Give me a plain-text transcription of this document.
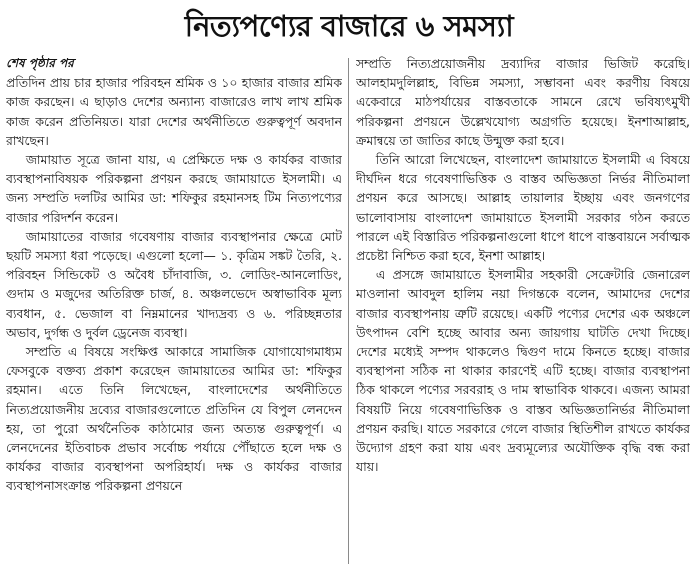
নিত্যপণ্যের বাজারে ৬ সমস্যা
শেষ পৃষ্ঠার পর

প্রতিদিন প্রায় চার হাজার পরিবহন শ্রমিক ও ১০ হাজার বাজার শ্রমিক কাজ করছেন। এ ছাড়াও দেশের অন্যান্য বাজারেও লাখ লাখ শ্রমিক কাজ করেন প্রতিনিয়ত। যারা দেশের অর্থনীতিতে গুরুত্বপূর্ণ অবদান রাখছেন।

জামায়াত সূত্রে জানা যায়, এ প্রেক্ষিতে দক্ষ ও কার্যকর বাজার ব্যবস্থাপনাবিষয়ক পরিকল্পনা প্রণয়ন করছে জামায়াতে ইসলামী। এ জন্য সম্প্রতি দলটির আমির ডা: শফিকুর রহমানসহ টিম নিত্যপণ্যের বাজার পরিদর্শন করেন।

জামায়াতের বাজার গবেষণায় বাজার ব্যবস্থাপনার ক্ষেত্রে মোট ছয়টি সমস্যা ধরা পড়েছে। এগুলো হলো— ১. কৃত্রিম সঙ্কট তৈরি, ২. পরিবহন সিন্ডিকেট ও অবৈধ চাঁদাবাজি, ৩. লোডিং-আনলোডিং, গুদাম ও মজুদের অতিরিক্ত চার্জ, ৪. অঞ্চলভেদে অস্বাভাবিক মূল্য ব্যবধান, ৫. ভেজাল বা নিম্নমানের খাদ্যদ্রব্য ও ৬. পরিচ্ছন্নতার অভাব, দুর্গন্ধ ও দুর্বল ড্রেনেজ ব্যবস্থা।

সম্প্রতি এ বিষয়ে সংক্ষিপ্ত আকারে সামাজিক যোগাযোগমাধ্যম ফেসবুকে বক্তব্য প্রকাশ করেছেন জামায়াতের আমির ডা: শফিকুর রহমান। এতে তিনি লিখেছেন, বাংলাদেশের অর্থনীতিতে নিত্যপ্রয়োজনীয় দ্রব্যের বাজারগুলোতে প্রতিদিন যে বিপুল লেনদেন হয়, তা পুরো অর্থনৈতিক কাঠামোর জন্য অত্যন্ত গুরুত্বপূর্ণ। এ লেনদেনের ইতিবাচক প্রভাব সর্বোচ্চ পর্যায়ে পৌঁছাতে হলে দক্ষ ও কার্যকর বাজার ব্যবস্থাপনা অপরিহার্য। দক্ষ ও কার্যকর বাজার ব্যবস্থাপনাসংক্রান্ত পরিকল্পনা প্রণয়নে

সম্প্রতি নিত্যপ্রয়োজনীয় দ্রব্যাদির বাজার ভিজিট করেছি। আলহামদুলিল্লাহ, বিভিন্ন সমস্যা, সম্ভাবনা এবং করণীয় বিষয়ে একেবারে মাঠপর্যায়ের বাস্তবতাকে সামনে রেখে ভবিষ্যৎমুখী পরিকল্পনা প্রণয়নে উল্লেখযোগ্য অগ্রগতি হয়েছে। ইনশাআল্লাহ, ক্রমান্বয়ে তা জাতির কাছে উন্মুক্ত করা হবে।

তিনি আরো লিখেছেন, বাংলাদেশ জামায়াতে ইসলামী এ বিষয়ে দীর্ঘদিন ধরে গবেষণাভিত্তিক ও বাস্তব অভিজ্ঞতা নির্ভর নীতিমালা প্রণয়ন করে আসছে। আল্লাহ তায়ালার ইচ্ছায় এবং জনগণের ভালোবাসায় বাংলাদেশ জামায়াতে ইসলামী সরকার গঠন করতে পারলে এই বিস্তারিত পরিকল্পনাগুলো ধাপে ধাপে বাস্তবায়নে সর্বাত্মক প্রচেষ্টা নিশ্চিত করা হবে, ইনশা আল্লাহ।

এ প্রসঙ্গে জামায়াতে ইসলামীর সহকারী সেক্রেটারি জেনারেল মাওলানা আবদুল হালিম নয়া দিগন্তকে বলেন, আমাদের দেশের বাজার ব্যবস্থাপনায় ত্রুটি রয়েছে। একটি পণ্যের দেশের এক অঞ্চলে উৎপাদন বেশি হচ্ছে আবার অন্য জায়গায় ঘাটতি দেখা দিচ্ছে। দেশের মধ্যেই সম্পদ থাকলেও দ্বিগুণ দামে কিনতে হচ্ছে। বাজার ব্যবস্থাপনা সঠিক না থাকার কারণেই এটি হচ্ছে। বাজার ব্যবস্থাপনা ঠিক থাকলে পণ্যের সরবরাহ ও দাম স্বাভাবিক থাকবে। এজন্য আমরা বিষয়টি নিয়ে গবেষণাভিত্তিক ও বাস্তব অভিজ্ঞতানির্ভর নীতিমালা প্রণয়ন করছি। যাতে সরকারে গেলে বাজার স্থিতিশীল রাখতে কার্যকর উদ্যোগ গ্রহণ করা যায় এবং দ্রব্যমূল্যের অযৌক্তিক বৃদ্ধি বন্ধ করা যায়।
